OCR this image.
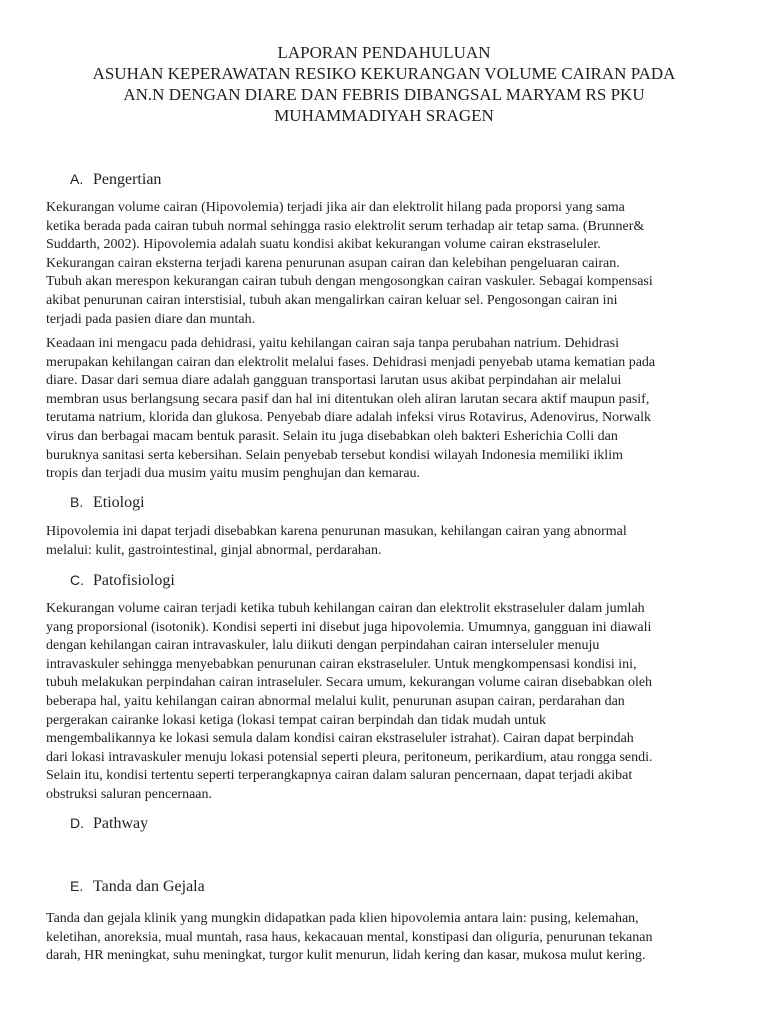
LAPORAN PENDAHULUAN
ASUHAN KEPERAWATAN RESIKO KEKURANGAN VOLUME CAIRAN PADA
AN.N DENGAN DIARE DAN FEBRIS DIBANGSAL MARYAM RS PKU
MUHAMMADIYAH SRAGEN
A. Pengertian

Kekurangan volume cairan (Hipovolemia) terjadi jika air dan elektrolit hilang pada proporsi yang sama
ketika berada pada cairan tubuh normal sehingga rasio elektrolit serum terhadap air tetap sama. (Brunner&
Suddarth, 2002). Hipovolemia adalah suatu kondisi akibat kekurangan volume cairan ekstraseluler.
Kekurangan cairan eksterna terjadi karena penurunan asupan cairan dan kelebihan pengeluaran cairan.
Tubuh akan merespon kekurangan cairan tubuh dengan mengosongkan cairan vaskuler. Sebagai kompensasi
akibat penurunan cairan interstisial, tubuh akan mengalirkan cairan keluar sel. Pengosongan cairan ini
terjadi pada pasien diare dan muntah.

Keadaan ini mengacu pada dehidrasi, yaitu kehilangan cairan saja tanpa perubahan natrium. Dehidrasi
merupakan kehilangan cairan dan elektrolit melalui fases. Dehidrasi menjadi penyebab utama kematian pada
diare. Dasar dari semua diare adalah gangguan transportasi larutan usus akibat perpindahan air melalui
membran usus berlangsung secara pasif dan hal ini ditentukan oleh aliran larutan secara aktif maupun pasif,
terutama natrium, klorida dan glukosa. Penyebab diare adalah infeksi virus Rotavirus, Adenovirus, Norwalk
virus dan berbagai macam bentuk parasit. Selain itu juga disebabkan oleh bakteri Esherichia Colli dan
buruknya sanitasi serta kebersihan. Selain penyebab tersebut kondisi wilayah Indonesia memiliki iklim
tropis dan terjadi dua musim yaitu musim penghujan dan kemarau.

B. Etiologi

Hipovolemia ini dapat terjadi disebabkan karena penurunan masukan, kehilangan cairan yang abnormal
melalui: kulit, gastrointestinal, ginjal abnormal, perdarahan.

C. Patofisiologi

Kekurangan volume cairan terjadi ketika tubuh kehilangan cairan dan elektrolit ekstraseluler dalam jumlah
yang proporsional (isotonik). Kondisi seperti ini disebut juga hipovolemia. Umumnya, gangguan ini diawali
dengan kehilangan cairan intravaskuler, lalu diikuti dengan perpindahan cairan interseluler menuju
intravaskuler sehingga menyebabkan penurunan cairan ekstraseluler. Untuk mengkompensasi kondisi ini,
tubuh melakukan perpindahan cairan intraseluler. Secara umum, kekurangan volume cairan disebabkan oleh
beberapa hal, yaitu kehilangan cairan abnormal melalui kulit, penurunan asupan cairan, perdarahan dan
pergerakan cairanke lokasi ketiga (lokasi tempat cairan berpindah dan tidak mudah untuk
mengembalikannya ke lokasi semula dalam kondisi cairan ekstraseluler istrahat). Cairan dapat berpindah
dari lokasi intravaskuler menuju lokasi potensial seperti pleura, peritoneum, perikardium, atau rongga sendi.
Selain itu, kondisi tertentu seperti terperangkapnya cairan dalam saluran pencernaan, dapat terjadi akibat
obstruksi saluran pencernaan.

D. Pathway
E. Tanda dan Gejala

Tanda dan gejala klinik yang mungkin didapatkan pada klien hipovolemia antara lain: pusing, kelemahan,
keletihan, anoreksia, mual muntah, rasa haus, kekacauan mental, konstipasi dan oliguria, penurunan tekanan
darah, HR meningkat, suhu meningkat, turgor kulit menurun, lidah kering dan kasar, mukosa mulut kering.
